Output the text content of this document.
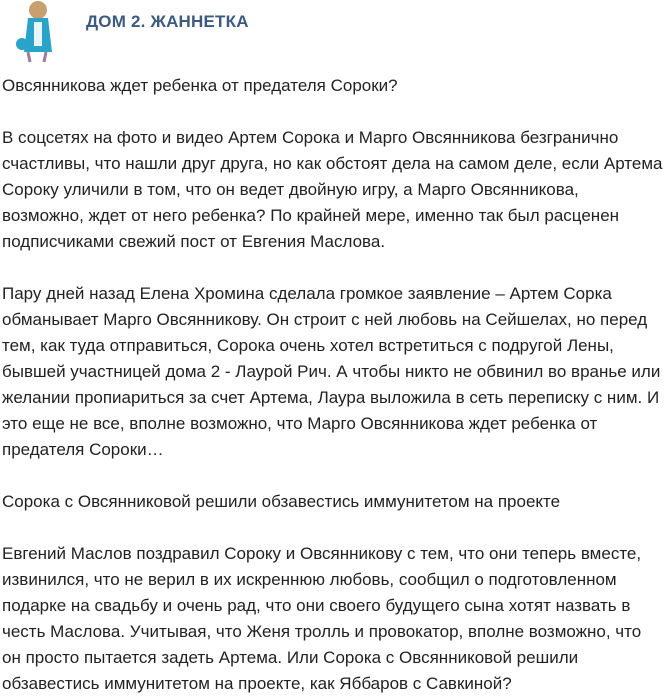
ДОМ 2. ЖАННЕТКА

Овсянникова ждет ребенка от предателя Сороки?

В соцсетях на фото и видео Артем Сорока и Марго Овсянникова безгранично
счастливы, что нашли друг друга, но как обстоят дела на самом деле, если Артема
Сороку уличили в том, что он ведет двойную игру, а Марго Овсянникова,
возможно, ждет от него ребенка? По крайней мере, именно так был расценен
подписчиками свежий пост от Евгения Маслова.

Пару дней назад Елена Хромина сделала громкое заявление – Артем Сорка
обманывает Марго Овсянникову. Он строит с ней любовь на Сейшелах, но перед
тем, как туда отправиться, Сорока очень хотел встретиться с подругой Лены,
бывшей участницей дома 2 - Лаурой Рич. А чтобы никто не обвинил во вранье или
желании пропиариться за счет Артема, Лаура выложила в сеть переписку с ним. И
это еще не все, вполне возможно, что Марго Овсянникова ждет ребенка от
предателя Сороки…

Сорока с Овсянниковой решили обзавестись иммунитетом на проекте

Евгений Маслов поздравил Сороку и Овсянникову с тем, что они теперь вместе,
извинился, что не верил в их искреннюю любовь, сообщил о подготовленном
подарке на свадьбу и очень рад, что они своего будущего сына хотят назвать в
честь Маслова. Учитывая, что Женя тролль и провокатор, вполне возможно, что
он просто пытается задеть Артема. Или Сорока с Овсянниковой решили
обзавестись иммунитетом на проекте, как Яббаров с Савкиной?
